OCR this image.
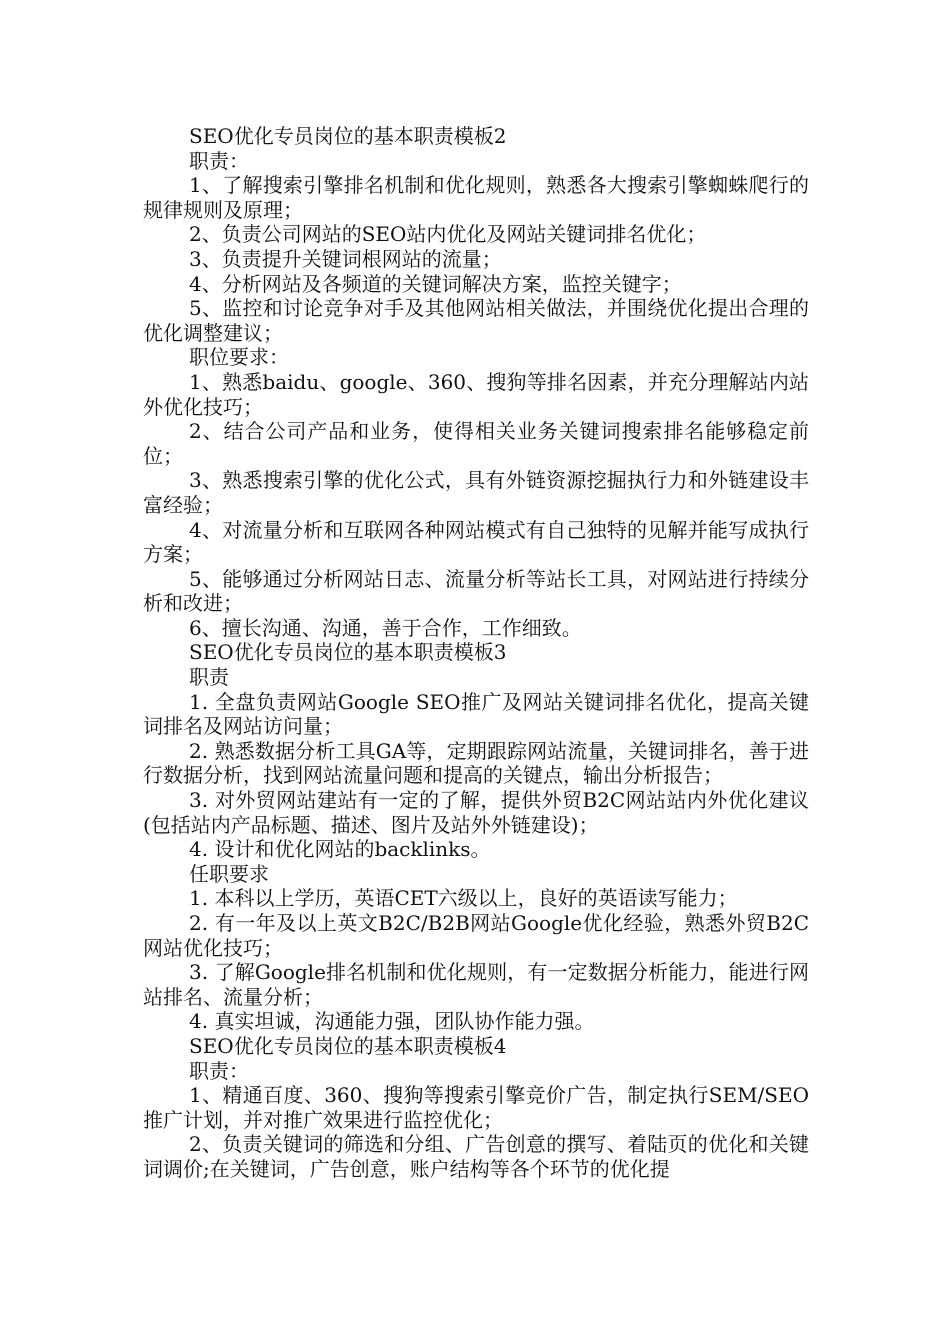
SEO优化专员岗位的基本职责模板2

职责：

1、了解搜索引擎排名机制和优化规则，熟悉各大搜索引擎蜘蛛爬行的规律规则及原理；

2、负责公司网站的SEO站内优化及网站关键词排名优化；

3、负责提升关键词根网站的流量；

4、分析网站及各频道的关键词解决方案，监控关键字；

5、监控和讨论竞争对手及其他网站相关做法，并围绕优化提出合理的优化调整建议；

职位要求：

1、熟悉baidu、google、360、搜狗等排名因素，并充分理解站内站外优化技巧；

2、结合公司产品和业务，使得相关业务关键词搜索排名能够稳定前位；

3、熟悉搜索引擎的优化公式，具有外链资源挖掘执行力和外链建设丰富经验；

4、对流量分析和互联网各种网站模式有自己独特的见解并能写成执行方案；

5、能够通过分析网站日志、流量分析等站长工具，对网站进行持续分析和改进；

6、擅长沟通、沟通，善于合作，工作细致。

SEO优化专员岗位的基本职责模板3

职责

1. 全盘负责网站Google SEO推广及网站关键词排名优化，提高关键词排名及网站访问量；

2. 熟悉数据分析工具GA等，定期跟踪网站流量，关键词排名，善于进行数据分析，找到网站流量问题和提高的关键点，输出分析报告；

3. 对外贸网站建站有一定的了解，提供外贸B2C网站站内外优化建议(包括站内产品标题、描述、图片及站外外链建设)；

4. 设计和优化网站的backlinks。

任职要求

1. 本科以上学历，英语CET六级以上，良好的英语读写能力；

2. 有一年及以上英文B2C/B2B网站Google优化经验，熟悉外贸B2C网站优化技巧；

3. 了解Google排名机制和优化规则，有一定数据分析能力，能进行网站排名、流量分析；

4. 真实坦诚，沟通能力强，团队协作能力强。

SEO优化专员岗位的基本职责模板4

职责：

1、精通百度、360、搜狗等搜索引擎竞价广告，制定执行SEM/SEO推广计划，并对推广效果进行监控优化；

2、负责关键词的筛选和分组、广告创意的撰写、着陆页的优化和关键词调价;在关键词，广告创意，账户结构等各个环节的优化提
